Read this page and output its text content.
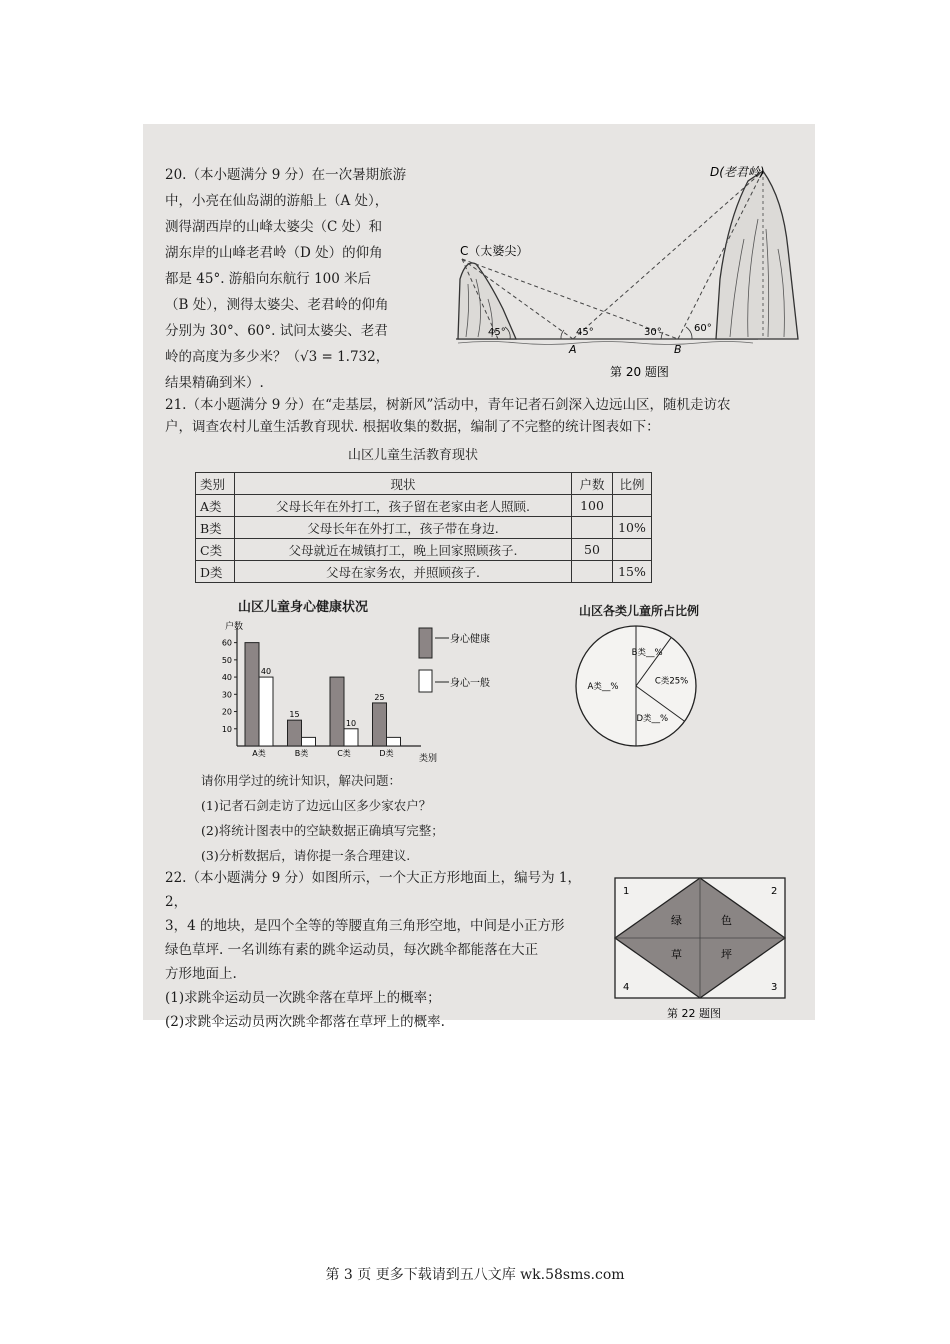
20.（本小题满分 9 分）在一次暑期旅游

中，小亮在仙岛湖的游船上（A 处），

测得湖西岸的山峰太婆尖（C 处）和

湖东岸的山峰老君岭（D 处）的仰角

都是 45°. 游船向东航行 100 米后

（B 处），测得太婆尖、老君岭的仰角

分别为 30°、60°. 试问太婆尖、老君

岭的高度为多少米？（√3 = 1.732，

结果精确到米）.

D(老君岭)
C（太婆尖）
A	B
45°	45°	30°	60°
第 20 题图
21.（本小题满分 9 分）在“走基层，树新风”活动中，青年记者石剑深入边远山区，随机走访农
户，调查农村儿童生活教育现状. 根据收集的数据，编制了不完整的统计图表如下：
山区儿童生活教育现状
类别	现状	户数	比例
A类	父母长年在外打工，孩子留在老家由老人照顾.	100	
B类	父母长年在外打工，孩子带在身边.		10%
C类	父母就近在城镇打工，晚上回家照顾孩子.	50	
D类	父母在家务农，并照顾孩子.		15%
山区儿童身心健康状况
户数
类别
10
20
30
40
50
60
40
A类
15
B类
10
C类
25
D类
身心健康
身心一般
山区各类儿童所占比例
A类__%
B类__%
C类25%
D类__%

请你用学过的统计知识，解决问题：

(1)记者石剑走访了边远山区多少家农户？

(2)将统计图表中的空缺数据正确填写完整；

(3)分析数据后，请你提一条合理建议.

22.（本小题满分 9 分）如图所示，一个大正方形地面上，编号为 1，2，

3，4 的地块，是四个全等的等腰直角三角形空地，中间是小正方形

绿色草坪. 一名训练有素的跳伞运动员，每次跳伞都能落在大正

方形地面上.

(1)求跳伞运动员一次跳伞落在草坪上的概率；

(2)求跳伞运动员两次跳伞都落在草坪上的概率.

1	2
3
4
绿	色
草	坪
第 22 题图
第 3 页 更多下载请到五八文库 wk.58sms.com
